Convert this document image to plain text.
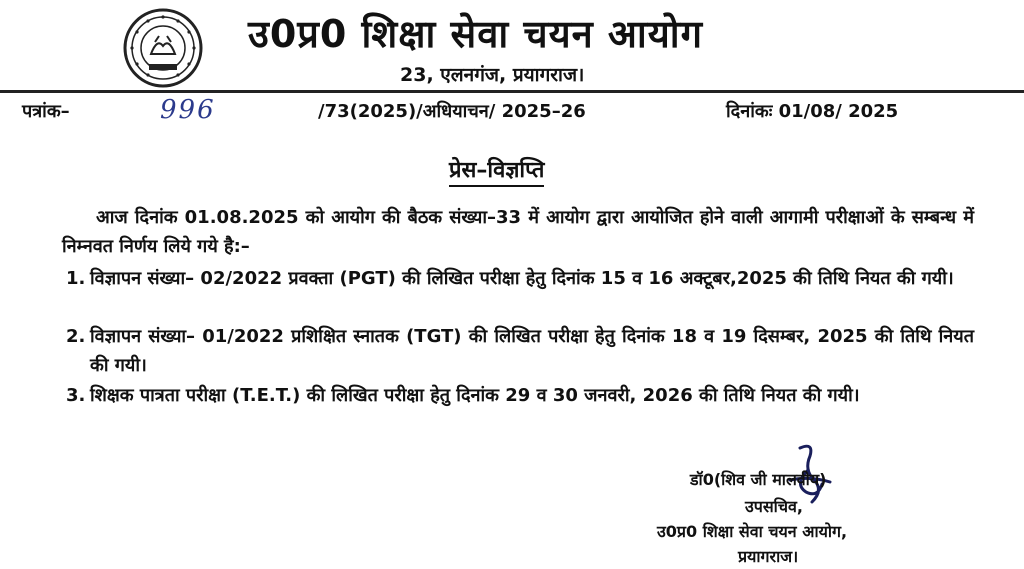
उ0प्र0 शिक्षा सेवा चयन आयोग
23, एलनगंज, प्रयागराज।
पत्रांक–	996	/73(2025)/अधियाचन/ 2025–26	दिनांकः 01/08/ 2025
प्रेस–विज्ञप्ति
आज दिनांक 01.08.2025 को आयोग की बैठक संख्या–33 में आयोग द्वारा आयोजित होने वाली आगामी परीक्षाओं के सम्बन्ध में निम्नवत निर्णय लिये गये है:–
1. विज्ञापन संख्या– 02/2022 प्रवक्ता (PGT) की लिखित परीक्षा हेतु दिनांक 15 व 16 अक्टूबर,2025 की तिथि नियत की गयी।
2. विज्ञापन संख्या– 01/2022 प्रशिक्षित स्नातक (TGT) की लिखित परीक्षा हेतु दिनांक 18 व 19 दिसम्बर, 2025 की तिथि नियत की गयी।
3. शिक्षक पात्रता परीक्षा (T.E.T.) की लिखित परीक्षा हेतु दिनांक 29 व 30 जनवरी, 2026 की तिथि नियत की गयी।
डॉ0(शिव जी मालवीय)
उपसचिव,
उ0प्र0 शिक्षा सेवा चयन आयोग,
प्रयागराज।
